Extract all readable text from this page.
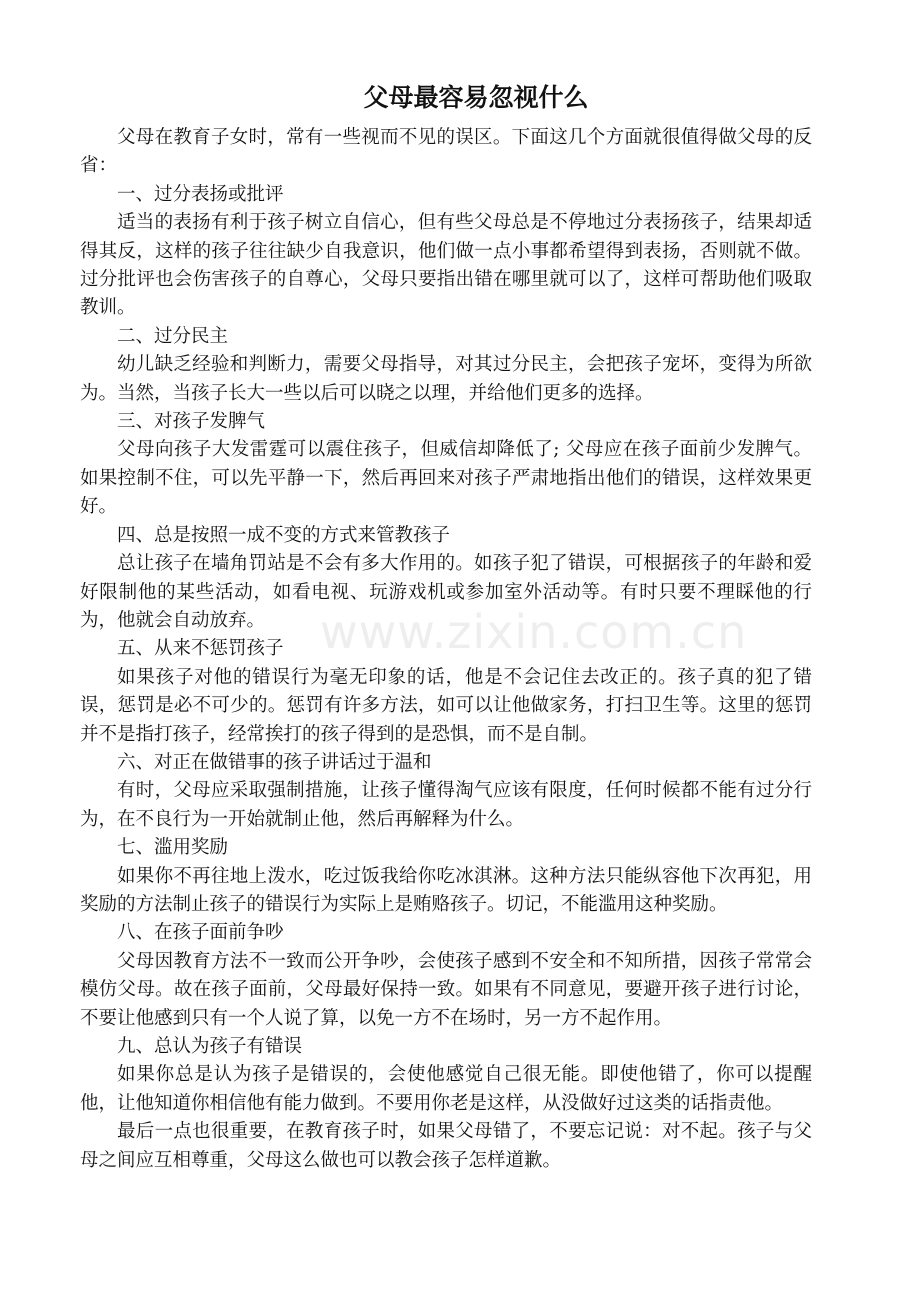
父母最容易忽视什么

父母在教育子女时，常有一些视而不见的误区。下面这几个方面就很值得做父母的反省：

一、过分表扬或批评

适当的表扬有利于孩子树立自信心，但有些父母总是不停地过分表扬孩子，结果却适得其反，这样的孩子往往缺少自我意识，他们做一点小事都希望得到表扬，否则就不做。过分批评也会伤害孩子的自尊心，父母只要指出错在哪里就可以了，这样可帮助他们吸取教训。

二、过分民主

幼儿缺乏经验和判断力，需要父母指导，对其过分民主，会把孩子宠坏，变得为所欲为。当然，当孩子长大一些以后可以晓之以理，并给他们更多的选择。

三、对孩子发脾气

父母向孩子大发雷霆可以震住孩子，但威信却降低了; 父母应在孩子面前少发脾气。如果控制不住，可以先平静一下，然后再回来对孩子严肃地指出他们的错误，这样效果更好。

四、总是按照一成不变的方式来管教孩子

总让孩子在墙角罚站是不会有多大作用的。如孩子犯了错误，可根据孩子的年龄和爱好限制他的某些活动，如看电视、玩游戏机或参加室外活动等。有时只要不理睬他的行为，他就会自动放弃。

五、从来不惩罚孩子

如果孩子对他的错误行为毫无印象的话，他是不会记住去改正的。孩子真的犯了错误，惩罚是必不可少的。惩罚有许多方法，如可以让他做家务，打扫卫生等。这里的惩罚并不是指打孩子，经常挨打的孩子得到的是恐惧，而不是自制。

六、对正在做错事的孩子讲话过于温和

有时，父母应采取强制措施，让孩子懂得淘气应该有限度，任何时候都不能有过分行为，在不良行为一开始就制止他，然后再解释为什么。

七、滥用奖励

如果你不再往地上泼水，吃过饭我给你吃冰淇淋。这种方法只能纵容他下次再犯，用奖励的方法制止孩子的错误行为实际上是贿赂孩子。切记，不能滥用这种奖励。

八、在孩子面前争吵

父母因教育方法不一致而公开争吵，会使孩子感到不安全和不知所措，因孩子常常会模仿父母。故在孩子面前，父母最好保持一致。如果有不同意见，要避开孩子进行讨论，不要让他感到只有一个人说了算，以免一方不在场时，另一方不起作用。

九、总认为孩子有错误

如果你总是认为孩子是错误的，会使他感觉自己很无能。即使他错了，你可以提醒他，让他知道你相信他有能力做到。不要用你老是这样，从没做好过这类的话指责他。

最后一点也很重要，在教育孩子时，如果父母错了，不要忘记说：对不起。孩子与父母之间应互相尊重，父母这么做也可以教会孩子怎样道歉。

www.zixin.com.cn
